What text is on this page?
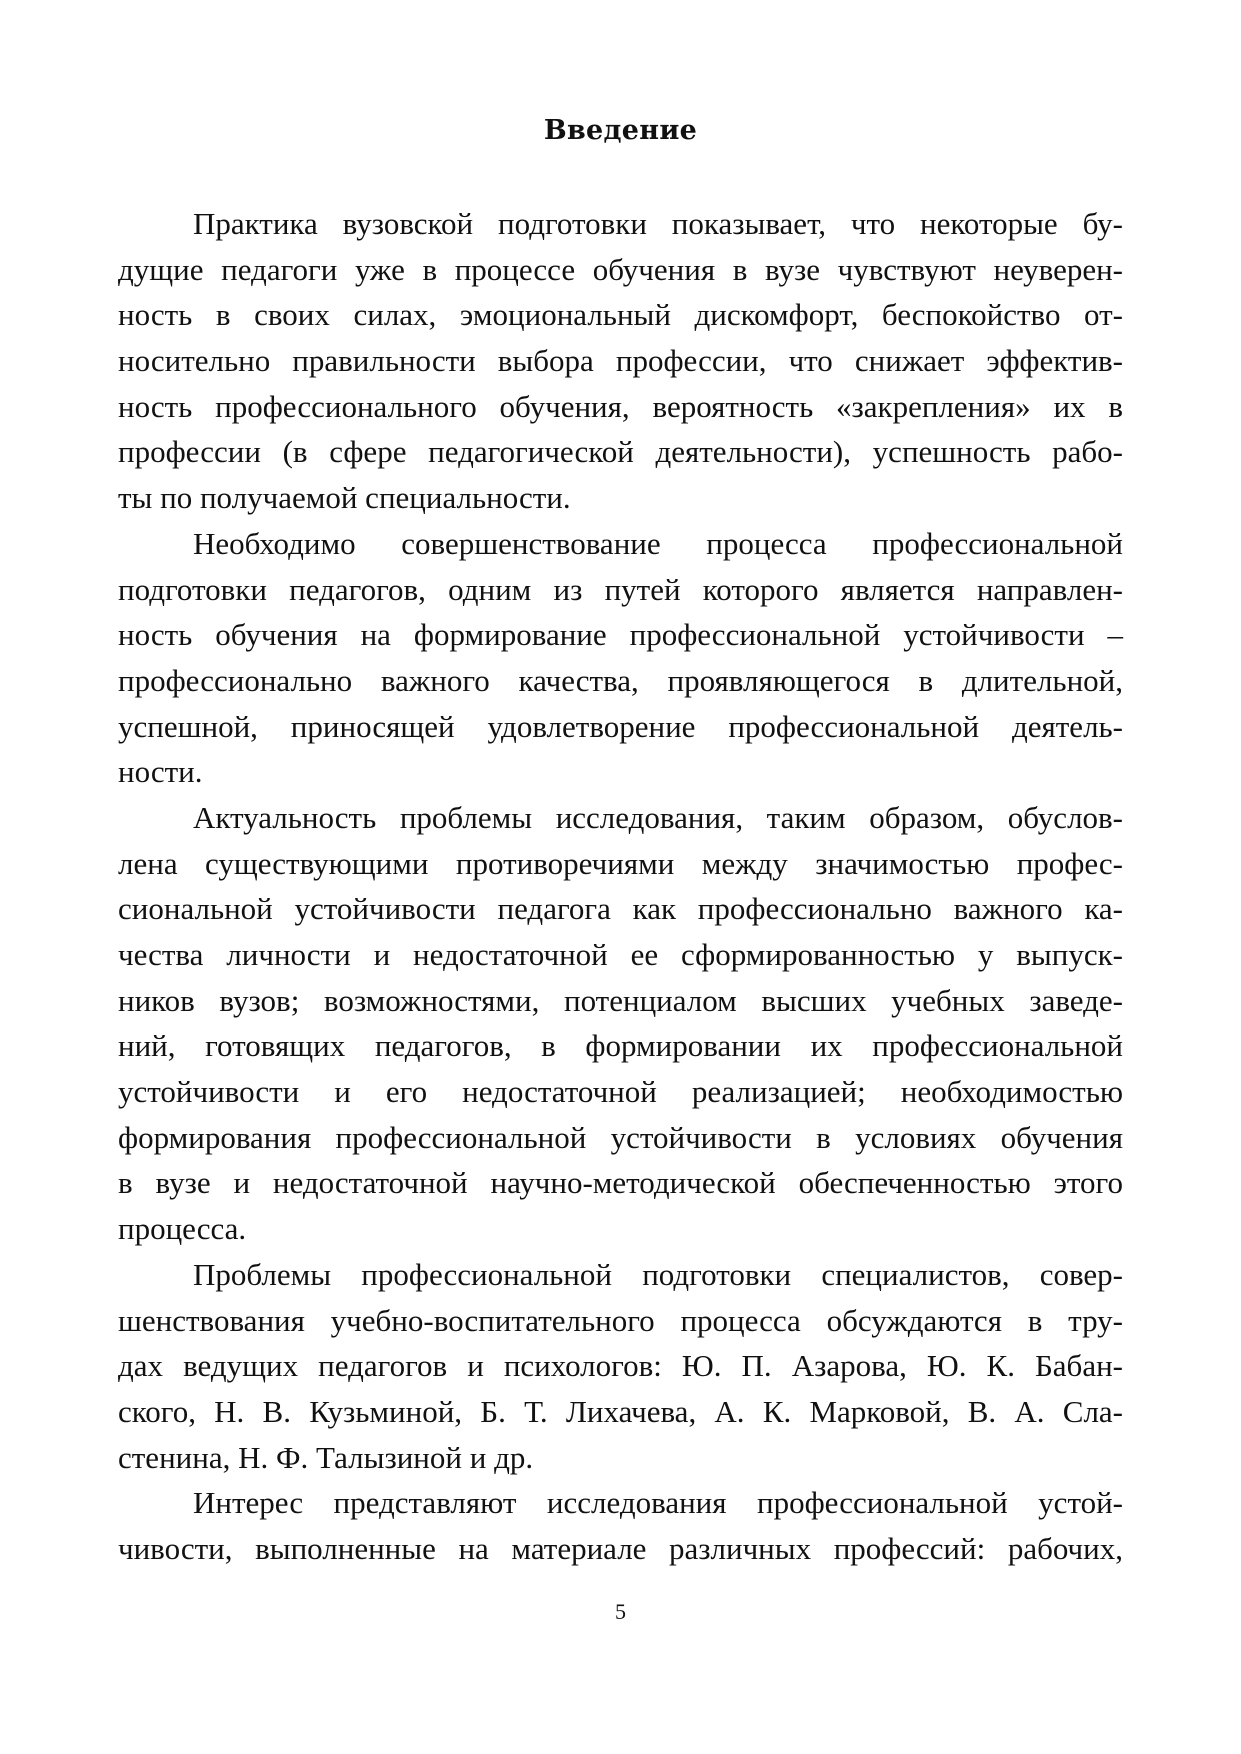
Введение

Практика вузовской подготовки показывает, что некоторые бу-
дущие педагоги уже в процессе обучения в вузе чувствуют неуверен-
ность в своих силах, эмоциональный дискомфорт, беспокойство от-
носительно правильности выбора профессии, что снижает эффектив-
ность профессионального обучения, вероятность «закрепления» их в
профессии (в сфере педагогической деятельности), успешность рабо-
ты по получаемой специальности.

Необходимо совершенствование процесса профессиональной
подготовки педагогов, одним из путей которого является направлен-
ность обучения на формирование профессиональной устойчивости –
профессионально важного качества, проявляющегося в длительной,
успешной, приносящей удовлетворение профессиональной деятель-
ности.

Актуальность проблемы исследования, таким образом, обуслов-
лена существующими противоречиями между значимостью профес-
сиональной устойчивости педагога как профессионально важного ка-
чества личности и недостаточной ее сформированностью у выпуск-
ников вузов; возможностями, потенциалом высших учебных заведе-
ний, готовящих педагогов, в формировании их профессиональной
устойчивости и его недостаточной реализацией; необходимостью
формирования профессиональной устойчивости в условиях обучения
в вузе и недостаточной научно-методической обеспеченностью этого
процесса.

Проблемы профессиональной подготовки специалистов, совер-
шенствования учебно-воспитательного процесса обсуждаются в тру-
дах ведущих педагогов и психологов: Ю. П. Азарова, Ю. К. Бабан-
ского, Н. В. Кузьминой, Б. Т. Лихачева, А. К. Марковой, В. А. Сла-
стенина, Н. Ф. Талызиной и др.

Интерес представляют исследования профессиональной устой-
чивости, выполненные на материале различных профессий: рабочих,

5
